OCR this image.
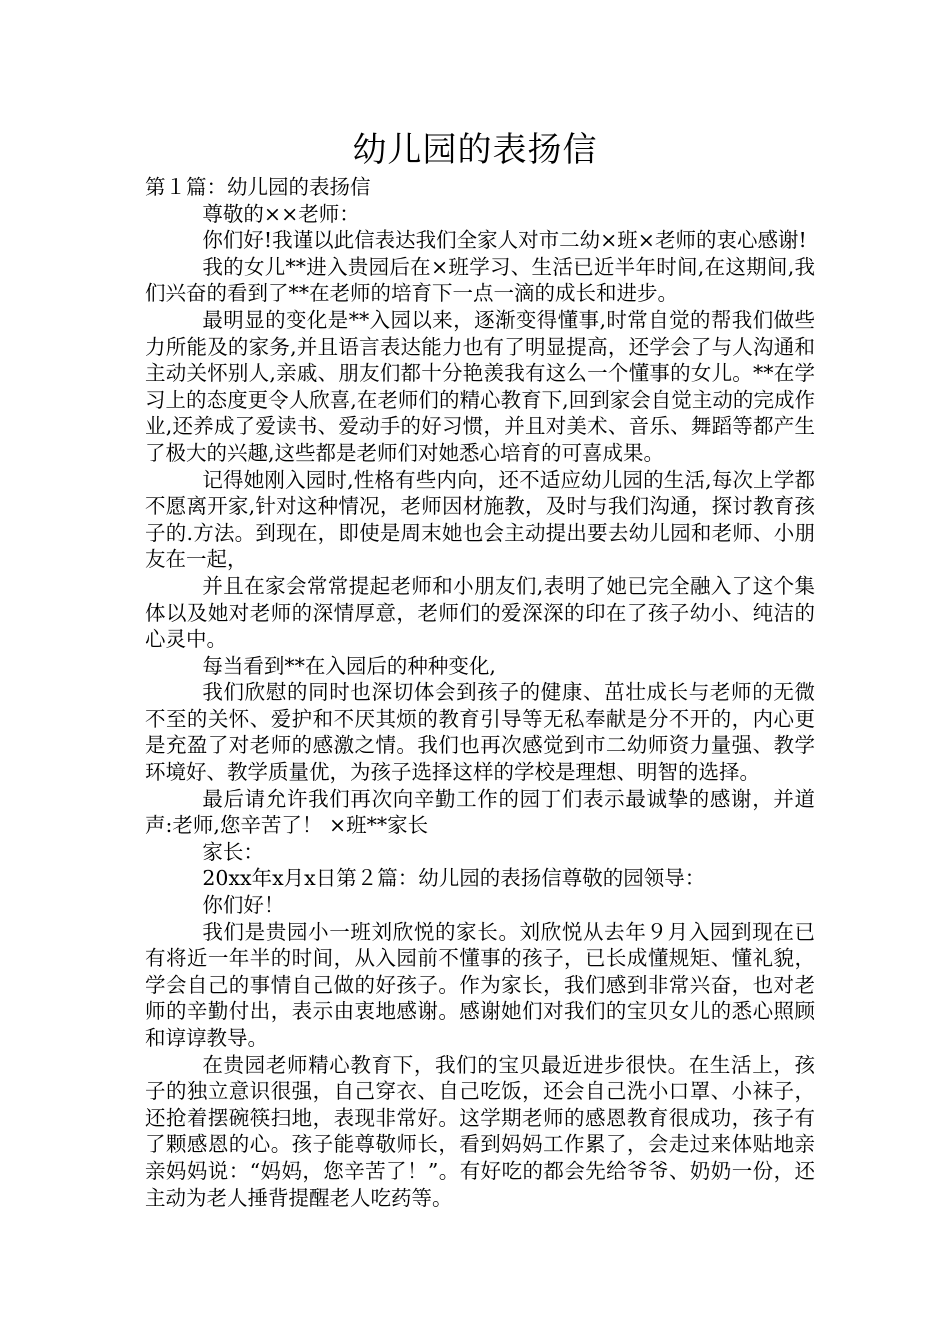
幼儿园的表扬信

第１篇：幼儿园的表扬信

尊敬的××老师：

你们好!我谨以此信表达我们全家人对市二幼×班×老师的衷心感谢!

我的女儿**进入贵园后在×班学习、生活已近半年时间,在这期间,我们兴奋的看到了**在老师的培育下一点一滴的成长和进步。

最明显的变化是**入园以来，逐渐变得懂事,时常自觉的帮我们做些力所能及的家务,并且语言表达能力也有了明显提高，还学会了与人沟通和主动关怀别人,亲戚、朋友们都十分艳羡我有这么一个懂事的女儿。**在学习上的态度更令人欣喜,在老师们的精心教育下,回到家会自觉主动的完成作业,还养成了爱读书、爱动手的好习惯，并且对美术、音乐、舞蹈等都产生了极大的兴趣,这些都是老师们对她悉心培育的可喜成果。

记得她刚入园时,性格有些内向，还不适应幼儿园的生活,每次上学都不愿离开家,针对这种情况，老师因材施教，及时与我们沟通，探讨教育孩子的.方法。到现在，即使是周末她也会主动提出要去幼儿园和老师、小朋友在一起，

并且在家会常常提起老师和小朋友们,表明了她已完全融入了这个集体以及她对老师的深情厚意，老师们的爱深深的印在了孩子幼小、纯洁的心灵中。

每当看到**在入园后的种种变化,

我们欣慰的同时也深切体会到孩子的健康、茁壮成长与老师的无微不至的关怀、爱护和不厌其烦的教育引导等无私奉献是分不开的，内心更是充盈了对老师的感激之情。我们也再次感觉到市二幼师资力量强、教学环境好、教学质量优，为孩子选择这样的学校是理想、明智的选择。

最后请允许我们再次向辛勤工作的园丁们表示最诚挚的感谢，并道声:老师,您辛苦了！ ×班**家长

家长：

20xx年x月x日第２篇：幼儿园的表扬信尊敬的园领导：

你们好！

我们是贵园小一班刘欣悦的家长。刘欣悦从去年９月入园到现在已有将近一年半的时间，从入园前不懂事的孩子，已长成懂规矩、懂礼貌，学会自己的事情自己做的好孩子。作为家长，我们感到非常兴奋，也对老师的辛勤付出，表示由衷地感谢。感谢她们对我们的宝贝女儿的悉心照顾和谆谆教导。

在贵园老师精心教育下，我们的宝贝最近进步很快。在生活上，孩子的独立意识很强，自己穿衣、自己吃饭，还会自己洗小口罩、小袜子，还抢着摆碗筷扫地，表现非常好。这学期老师的感恩教育很成功，孩子有了颗感恩的心。孩子能尊敬师长，看到妈妈工作累了，会走过来体贴地亲亲妈妈说：“妈妈，您辛苦了！”。有好吃的都会先给爷爷、奶奶一份，还主动为老人捶背提醒老人吃药等。
